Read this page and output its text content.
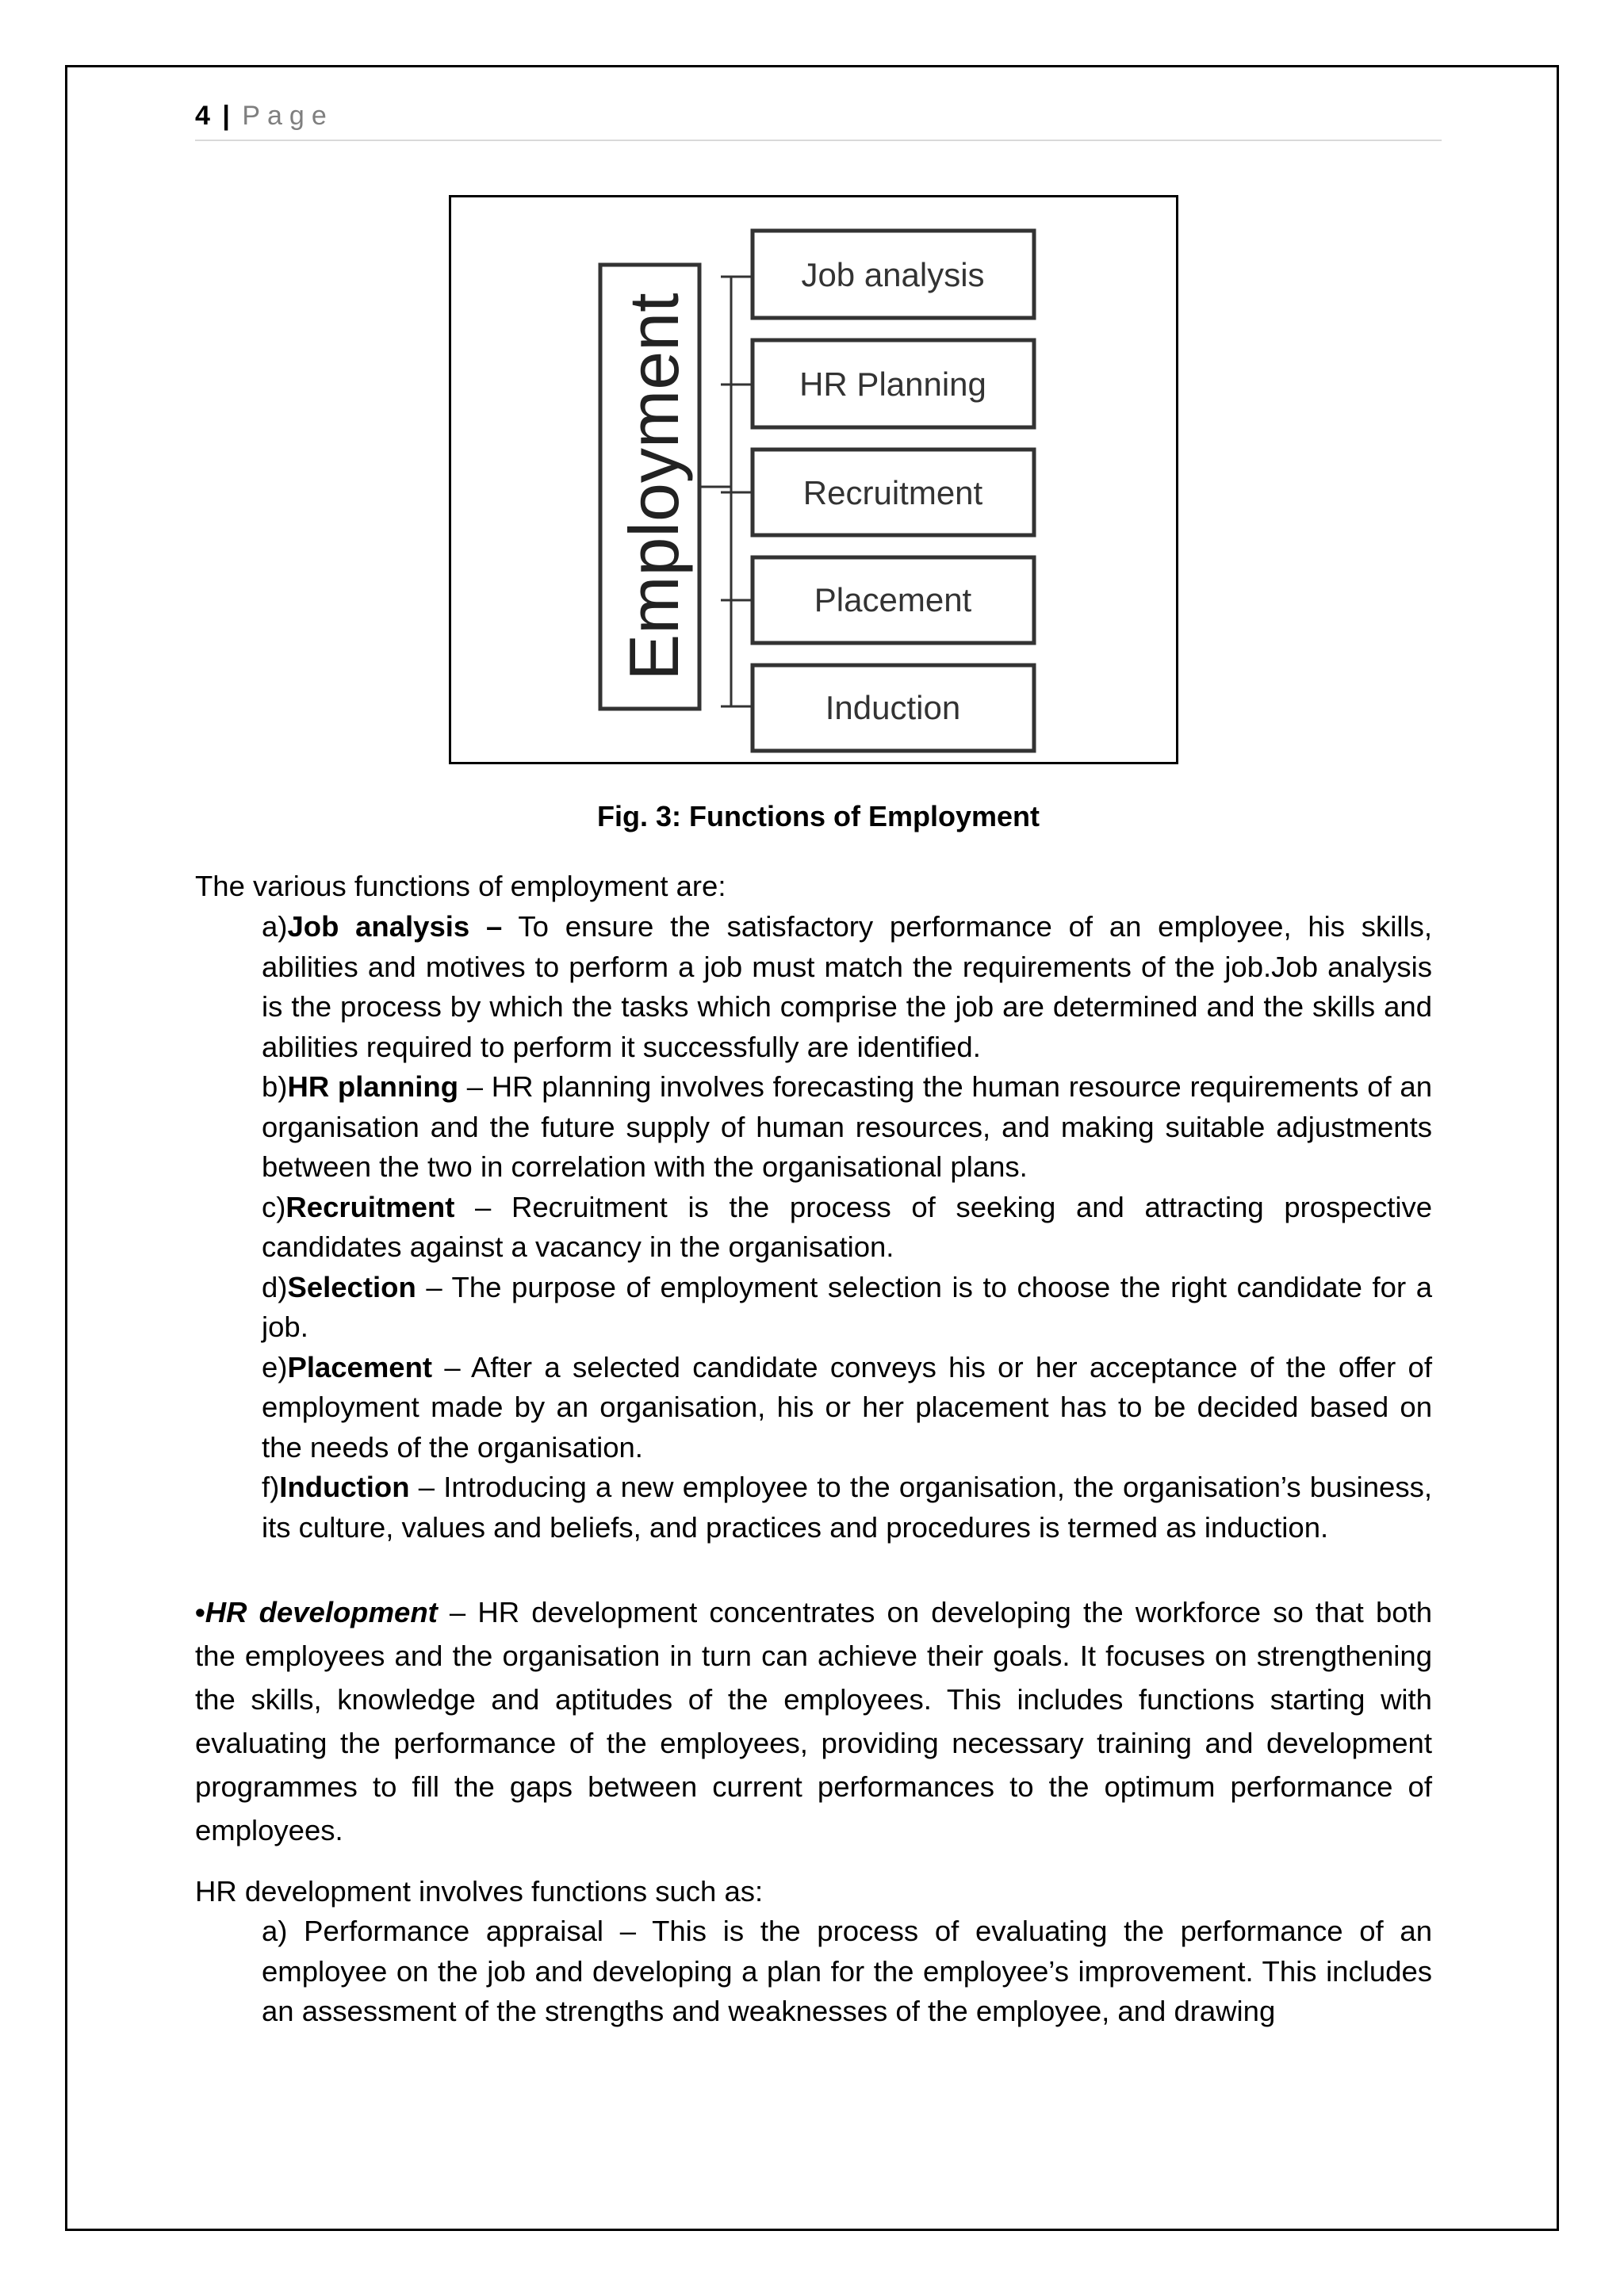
4 | Page
Employment
Job analysis
HR Planning
Recruitment
Placement
Induction
Fig. 3: Functions of Employment

The various functions of employment are:

a)Job analysis – To ensure the satisfactory performance of an employee, his skills, abilities and motives to perform a job must match the requirements of the job.Job analysis is the process by which the tasks which comprise the job are determined and the skills and abilities required to perform it successfully are identified.

b)HR planning – HR planning involves forecasting the human resource requirements of an organisation and the future supply of human resources, and making suitable adjustments between the two in correlation with the organisational plans.

c)Recruitment – Recruitment is the process of seeking and attracting prospective candidates against a vacancy in the organisation.

d)Selection – The purpose of employment selection is to choose the right candidate for a job.

e)Placement – After a selected candidate conveys his or her acceptance of the offer of employment made by an organisation, his or her placement has to be decided based on the needs of the organisation.

f)Induction – Introducing a new employee to the organisation, the organisation’s business, its culture, values and beliefs, and practices and procedures is termed as induction.

•HR development – HR development concentrates on developing the workforce so that both the employees and the organisation in turn can achieve their goals. It focuses on strengthening the skills, knowledge and aptitudes of the employees. This includes functions starting with evaluating the performance of the employees, providing necessary training and development programmes to fill the gaps between current performances to the optimum performance of employees.

HR development involves functions such as:

a) Performance appraisal – This is the process of evaluating the performance of an employee on the job and developing a plan for the employee’s improvement. This includes an assessment of the strengths and weaknesses of the employee, and drawing
